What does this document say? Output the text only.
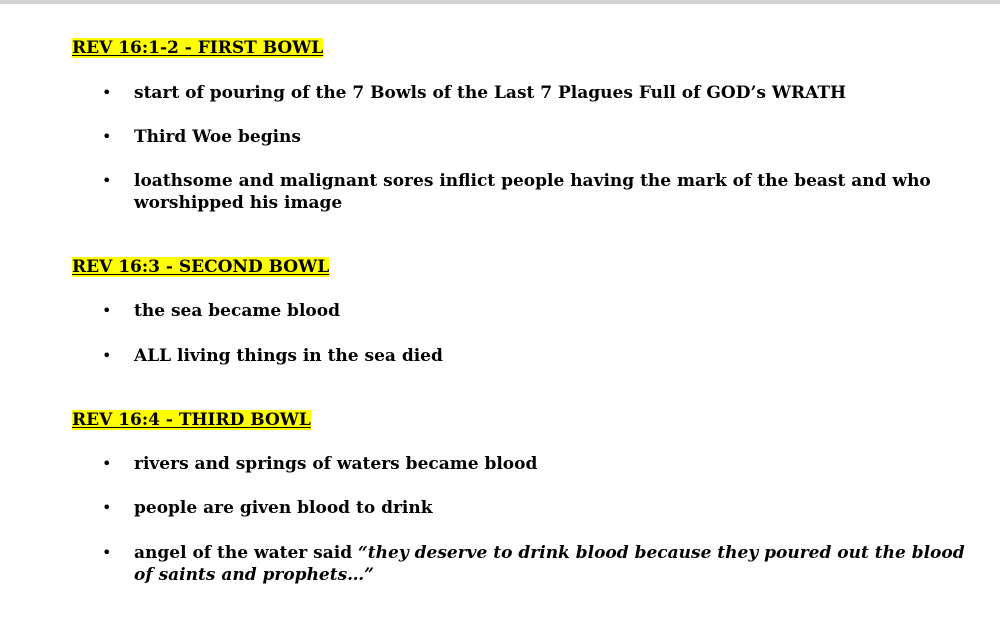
REV 16:1-2 - FIRST BOWL
• start of pouring of the 7 Bowls of the Last 7 Plagues Full of GOD’s WRATH
• Third Woe begins
• loathsome and malignant sores inflict people having the mark of the beast and who worshipped his image
REV 16:3 - SECOND BOWL
• the sea became blood
• ALL living things in the sea died
REV 16:4 - THIRD BOWL
• rivers and springs of waters became blood
• people are given blood to drink
• angel of the water said “they deserve to drink blood because they poured out the blood of saints and prophets…”
